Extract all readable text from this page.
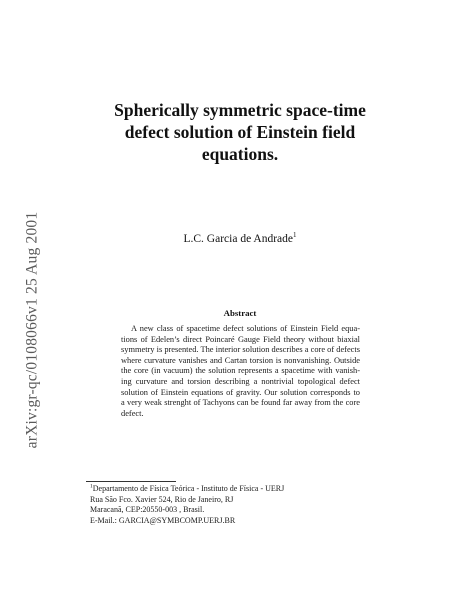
arXiv:gr-qc/0108066v1 25 Aug 2001
Spherically symmetric space-time
defect solution of Einstein field
equations.
L.C. Garcia de Andrade$^1$
Abstract
A new class of spacetime defect solutions of Einstein Field equa-
tions of Edelen’s direct Poincaré Gauge Field theory without biaxial
symmetry is presented. The interior solution describes a core of defects
where curvature vanishes and Cartan torsion is nonvanishing. Outside
the core (in vacuum) the solution represents a spacetime with vanish-
ing curvature and torsion describing a nontrivial topological defect
solution of Einstein equations of gravity. Our solution corresponds to
a very weak strenght of Tachyons can be found far away from the core
defect.
$^1$Departamento de Física Teórica - Instituto de Física - UERJ
Rua São Fco. Xavier 524, Rio de Janeiro, RJ
Maracanã, CEP:20550-003 , Brasil.
E-Mail.: GARCIA@SYMBCOMP.UERJ.BR
